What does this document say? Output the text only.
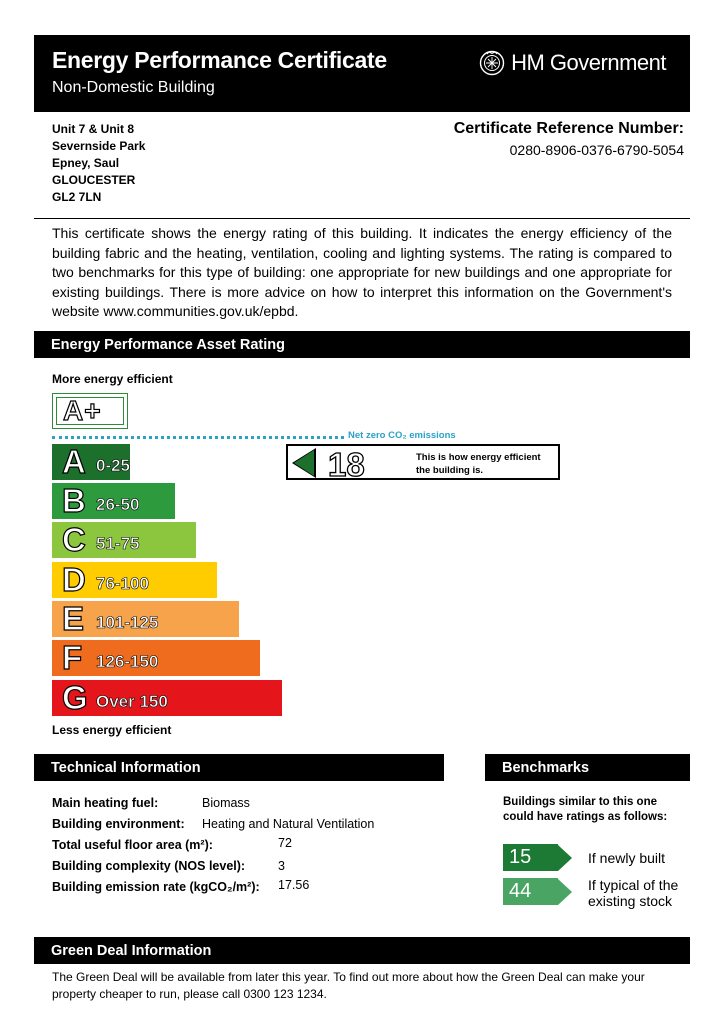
Energy Performance Certificate
Non-Domestic Building
HM Government
Unit 7 & Unit 8
Severnside Park
Epney, Saul
GLOUCESTER
GL2 7LN
Certificate Reference Number:
0280-8906-0376-6790-5054
This certificate shows the energy rating of this building. It indicates the energy efficiency of the building fabric and the heating, ventilation, cooling and lighting systems. The rating is compared to two benchmarks for this type of building: one appropriate for new buildings and one appropriate for existing buildings. There is more advice on how to interpret this information on the Government's website www.communities.gov.uk/epbd.
Energy Performance Asset Rating
More energy efficient
A+
Net zero CO₂ emissions
A 0-25
B 26-50
C 51-75
D 76-100
E 101-125
F 126-150
G Over 150
18	This is how energy efficient
the building is.
Less energy efficient
Technical Information
Main heating fuel:	Biomass
Building environment: Heating and Natural Ventilation
Total useful floor area (m²):	72
Building complexity (NOS level):	3
Building emission rate (kgCO₂/m²): 17.56
Benchmarks
Buildings similar to this one could have ratings as follows:
15	If newly built
44	If typical of the existing stock
Green Deal Information
The Green Deal will be available from later this year. To find out more about how the Green Deal can make your property cheaper to run, please call 0300 123 1234.
